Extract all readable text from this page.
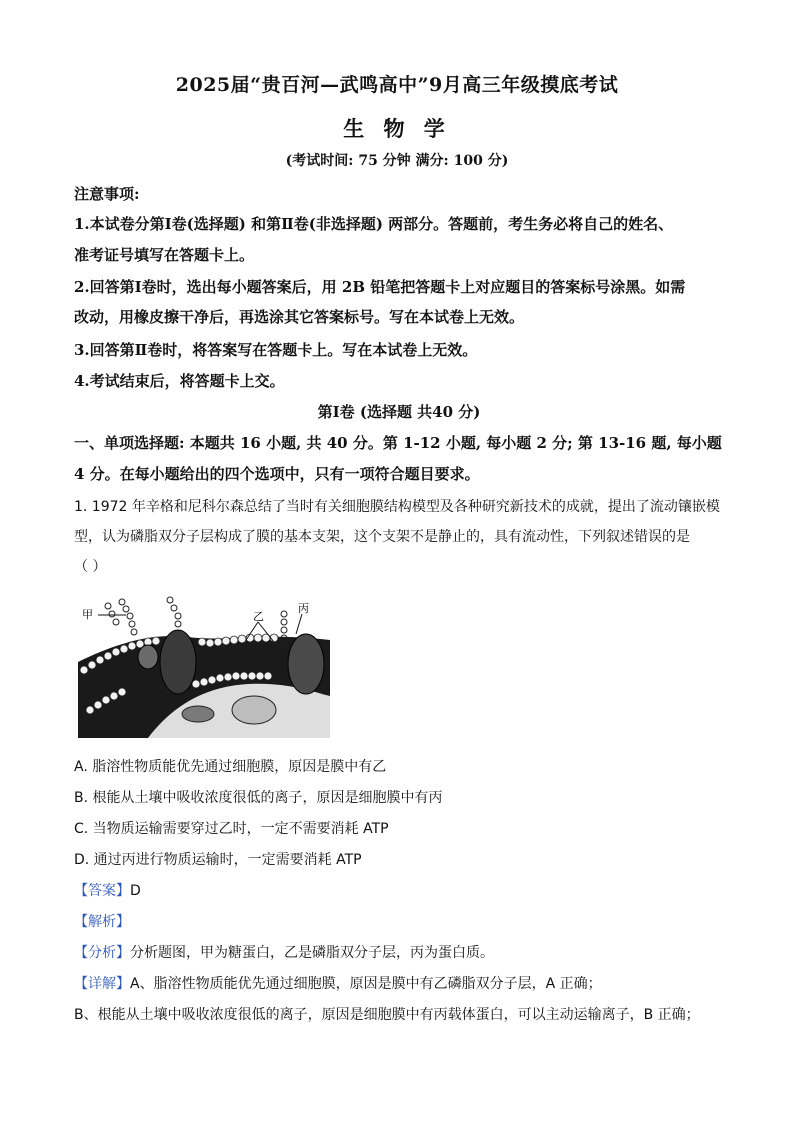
2025届“贵百河—武鸣高中”9月高三年级摸底考试
生 物 学
(考试时间: 75 分钟 满分: 100 分)
注意事项:
1.本试卷分第Ⅰ卷(选择题) 和第Ⅱ卷(非选择题) 两部分。答题前，考生务必将自己的姓名、
准考证号填写在答题卡上。
2.回答第Ⅰ卷时，选出每小题答案后，用 2B 铅笔把答题卡上对应题目的答案标号涂黑。如需
改动，用橡皮擦干净后，再选涂其它答案标号。写在本试卷上无效。
3.回答第Ⅱ卷时，将答案写在答题卡上。写在本试卷上无效。
4.考试结束后，将答题卡上交。
第Ⅰ卷 (选择题 共40 分)
一、单项选择题: 本题共 16 小题, 共 40 分。第 1-12 小题, 每小题 2 分; 第 13-16 题, 每小题
4 分。在每小题给出的四个选项中，只有一项符合题目要求。
1. 1972 年辛格和尼科尔森总结了当时有关细胞膜结构模型及各种研究新技术的成就，提出了流动镶嵌模
型，认为磷脂双分子层构成了膜的基本支架，这个支架不是静止的，具有流动性，下列叙述错误的是
（ ）
甲	乙
丙
A. 脂溶性物质能优先通过细胞膜，原因是膜中有乙
B. 根能从土壤中吸收浓度很低的离子，原因是细胞膜中有丙
C. 当物质运输需要穿过乙时，一定不需要消耗 ATP
D. 通过丙进行物质运输时，一定需要消耗 ATP
【答案】D
【解析】
【分析】分析题图，甲为糖蛋白，乙是磷脂双分子层，丙为蛋白质。
【详解】A、脂溶性物质能优先通过细胞膜，原因是膜中有乙磷脂双分子层，A 正确；
B、根能从土壤中吸收浓度很低的离子，原因是细胞膜中有丙载体蛋白，可以主动运输离子，B 正确；
